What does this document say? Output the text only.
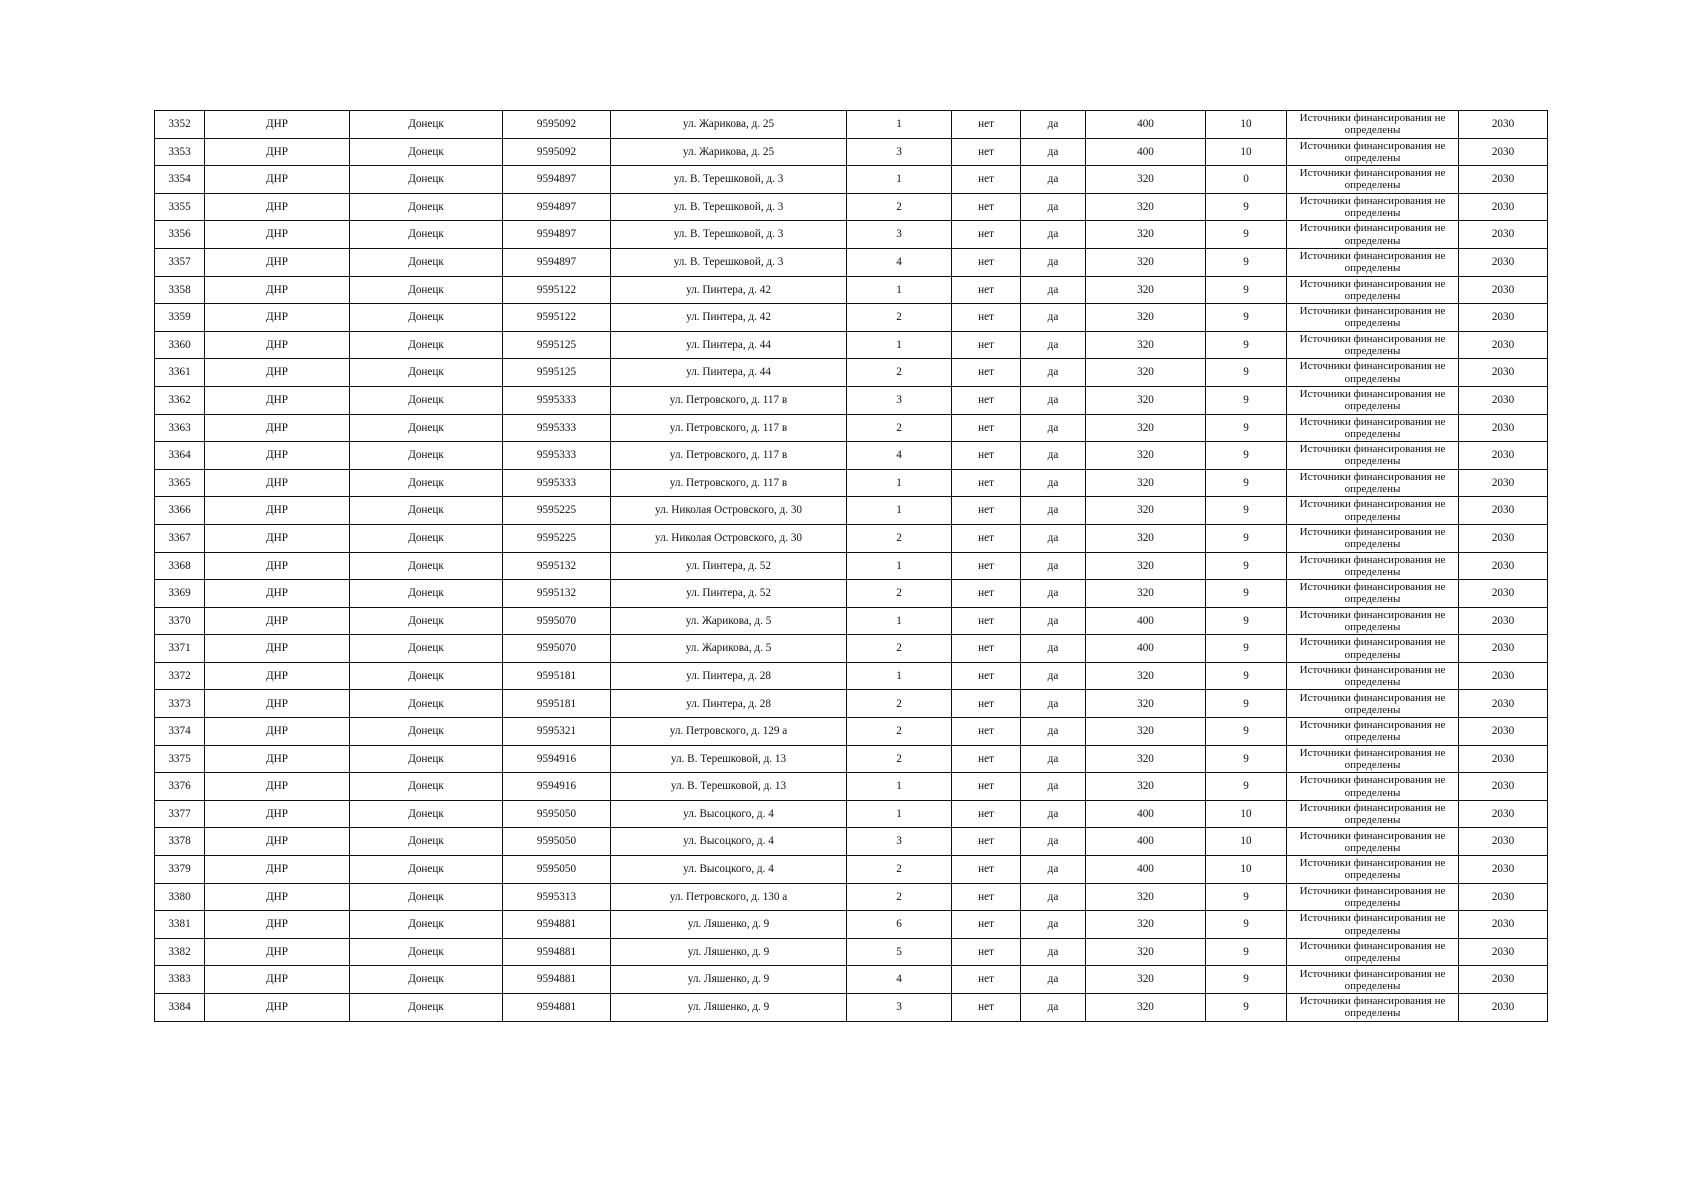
3352	ДНР	Донецк	9595092	ул. Жарикова, д. 25	1	нет	да	400	10	Источники финансирования не определены	2030
3353	ДНР	Донецк	9595092	ул. Жарикова, д. 25	3	нет	да	400	10	Источники финансирования не определены	2030
3354	ДНР	Донецк	9594897	ул. В. Терешковой, д. 3	1	нет	да	320	0	Источники финансирования не определены	2030
3355	ДНР	Донецк	9594897	ул. В. Терешковой, д. 3	2	нет	да	320	9	Источники финансирования не определены	2030
3356	ДНР	Донецк	9594897	ул. В. Терешковой, д. 3	3	нет	да	320	9	Источники финансирования не определены	2030
3357	ДНР	Донецк	9594897	ул. В. Терешковой, д. 3	4	нет	да	320	9	Источники финансирования не определены	2030
3358	ДНР	Донецк	9595122	ул. Пинтера, д. 42	1	нет	да	320	9	Источники финансирования не определены	2030
3359	ДНР	Донецк	9595122	ул. Пинтера, д. 42	2	нет	да	320	9	Источники финансирования не определены	2030
3360	ДНР	Донецк	9595125	ул. Пинтера, д. 44	1	нет	да	320	9	Источники финансирования не определены	2030
3361	ДНР	Донецк	9595125	ул. Пинтера, д. 44	2	нет	да	320	9	Источники финансирования не определены	2030
3362	ДНР	Донецк	9595333	ул. Петровского, д. 117 в	3	нет	да	320	9	Источники финансирования не определены	2030
3363	ДНР	Донецк	9595333	ул. Петровского, д. 117 в	2	нет	да	320	9	Источники финансирования не определены	2030
3364	ДНР	Донецк	9595333	ул. Петровского, д. 117 в	4	нет	да	320	9	Источники финансирования не определены	2030
3365	ДНР	Донецк	9595333	ул. Петровского, д. 117 в	1	нет	да	320	9	Источники финансирования не определены	2030
3366	ДНР	Донецк	9595225	ул. Николая Островского, д. 30	1	нет	да	320	9	Источники финансирования не определены	2030
3367	ДНР	Донецк	9595225	ул. Николая Островского, д. 30	2	нет	да	320	9	Источники финансирования не определены	2030
3368	ДНР	Донецк	9595132	ул. Пинтера, д. 52	1	нет	да	320	9	Источники финансирования не определены	2030
3369	ДНР	Донецк	9595132	ул. Пинтера, д. 52	2	нет	да	320	9	Источники финансирования не определены	2030
3370	ДНР	Донецк	9595070	ул. Жарикова, д. 5	1	нет	да	400	9	Источники финансирования не определены	2030
3371	ДНР	Донецк	9595070	ул. Жарикова, д. 5	2	нет	да	400	9	Источники финансирования не определены	2030
3372	ДНР	Донецк	9595181	ул. Пинтера, д. 28	1	нет	да	320	9	Источники финансирования не определены	2030
3373	ДНР	Донецк	9595181	ул. Пинтера, д. 28	2	нет	да	320	9	Источники финансирования не определены	2030
3374	ДНР	Донецк	9595321	ул. Петровского, д. 129 а	2	нет	да	320	9	Источники финансирования не определены	2030
3375	ДНР	Донецк	9594916	ул. В. Терешковой, д. 13	2	нет	да	320	9	Источники финансирования не определены	2030
3376	ДНР	Донецк	9594916	ул. В. Терешковой, д. 13	1	нет	да	320	9	Источники финансирования не определены	2030
3377	ДНР	Донецк	9595050	ул. Высоцкого, д. 4	1	нет	да	400	10	Источники финансирования не определены	2030
3378	ДНР	Донецк	9595050	ул. Высоцкого, д. 4	3	нет	да	400	10	Источники финансирования не определены	2030
3379	ДНР	Донецк	9595050	ул. Высоцкого, д. 4	2	нет	да	400	10	Источники финансирования не определены	2030
3380	ДНР	Донецк	9595313	ул. Петровского, д. 130 а	2	нет	да	320	9	Источники финансирования не определены	2030
3381	ДНР	Донецк	9594881	ул. Ляшенко, д. 9	6	нет	да	320	9	Источники финансирования не определены	2030
3382	ДНР	Донецк	9594881	ул. Ляшенко, д. 9	5	нет	да	320	9	Источники финансирования не определены	2030
3383	ДНР	Донецк	9594881	ул. Ляшенко, д. 9	4	нет	да	320	9	Источники финансирования не определены	2030
3384	ДНР	Донецк	9594881	ул. Ляшенко, д. 9	3	нет	да	320	9	Источники финансирования не определены	2030
